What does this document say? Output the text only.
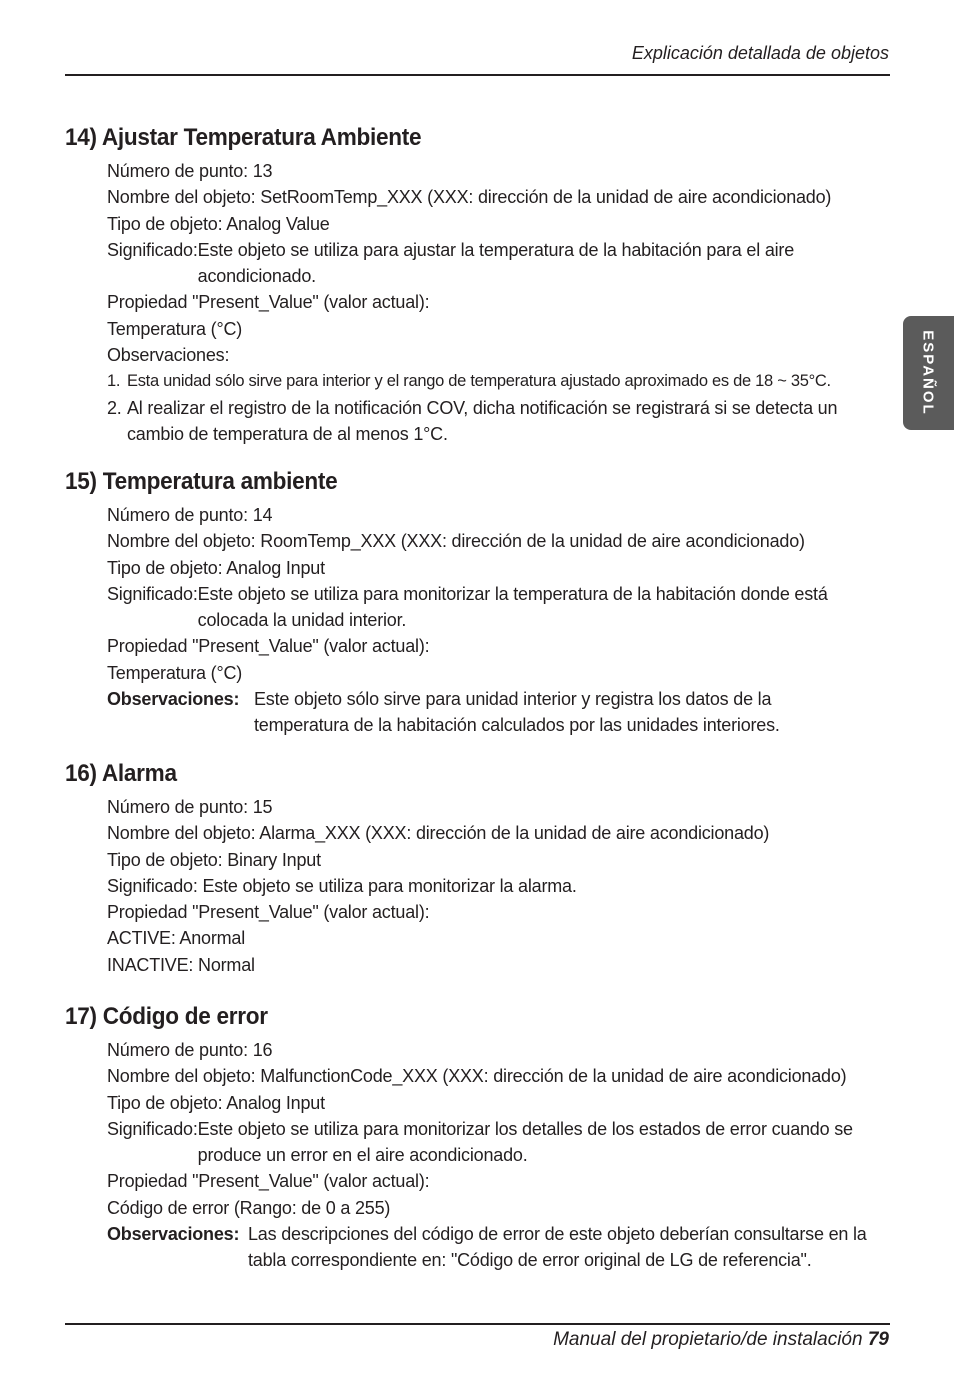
Explicación detallada de objetos
ESPAÑOL
14) Ajustar Temperatura Ambiente
Número de punto: 13
Nombre del objeto: SetRoomTemp_XXX (XXX: dirección de la unidad de aire acondicionado)
Tipo de objeto: Analog Value
Significado: Este objeto se utiliza para ajustar la temperatura de la habitación para el aire acondicionado.
Propiedad "Present_Value" (valor actual):
Temperatura (°C)
Observaciones:
1. Esta unidad sólo sirve para interior y el rango de temperatura ajustado aproximado es de 18 ~ 35°C.
2. Al realizar el registro de la notificación COV, dicha notificación se registrará si se detecta un cambio de temperatura de al menos 1°C.
15) Temperatura ambiente
Número de punto: 14
Nombre del objeto: RoomTemp_XXX (XXX: dirección de la unidad de aire acondicionado)
Tipo de objeto: Analog Input
Significado: Este objeto se utiliza para monitorizar la temperatura de la habitación donde está colocada la unidad interior.
Propiedad "Present_Value" (valor actual):
Temperatura (°C)
Observaciones: Este objeto sólo sirve para unidad interior y registra los datos de la temperatura de la habitación calculados por las unidades interiores.
16) Alarma
Número de punto: 15
Nombre del objeto: Alarma_XXX (XXX: dirección de la unidad de aire acondicionado)
Tipo de objeto: Binary Input
Significado: Este objeto se utiliza para monitorizar la alarma.
Propiedad "Present_Value" (valor actual):
ACTIVE: Anormal
INACTIVE: Normal
17) Código de error
Número de punto: 16
Nombre del objeto: MalfunctionCode_XXX (XXX: dirección de la unidad de aire acondicionado)
Tipo de objeto: Analog Input
Significado: Este objeto se utiliza para monitorizar los detalles de los estados de error cuando se produce un error en el aire acondicionado.
Propiedad "Present_Value" (valor actual):
Código de error (Rango: de 0 a 255)
Observaciones: Las descripciones del código de error de este objeto deberían consultarse en la tabla correspondiente en: "Código de error original de LG de referencia".
Manual del propietario/de instalación 79
